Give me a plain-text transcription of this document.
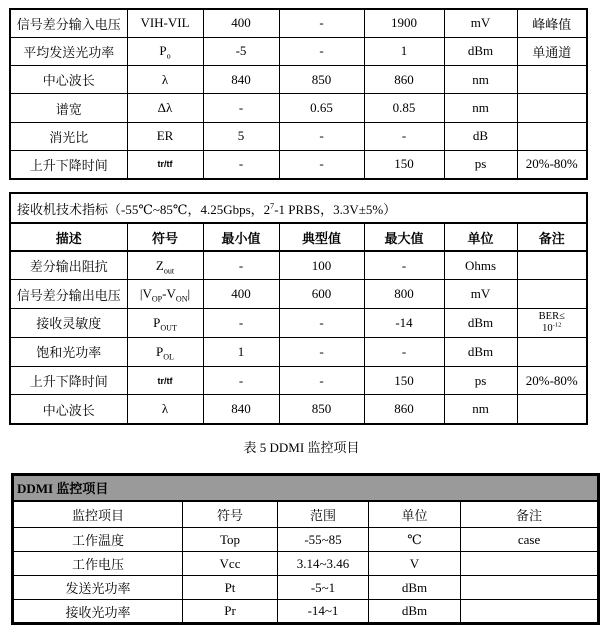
信号差分输入电压	VIH-VIL	400	-	1900	mV	峰峰值
平均发送光功率	$P_o$	-5	-	1	dBm	单通道
中心波长	λ	840	850	860	nm	
谱宽	Δλ	-	0.65	0.85	nm	
消光比	ER	5	-	-	dB	
上升下降时间	tr/tf	-	-	150	ps	20%-80%
接收机技术指标（-55℃~85℃，4.25Gbps，$2^7-1$ PRBS，3.3V±5%）						
描述	符号	最小值	典型值	最大值	单位	备注
差分输出阻抗	$Z_{out}$	-	100	-	Ohms	
信号差分输出电压	$|V_{OP}-V_{ON}|$	400	600	800	mV	
接收灵敏度	$P_{OUT}$	-	-	-14	dBm	BER≤
$10^{-12}$
饱和光功率	$P_{OL}$	1	-	-	dBm	
上升下降时间	tr/tf	-	-	150	ps	20%-80%
中心波长	λ	840	850	860	nm	
表 5 DDMI 监控项目
DDMI 监控项目				
监控项目	符号	范围	单位	备注
工作温度	Top	-55~85	℃	case
工作电压	Vcc	3.14~3.46	V	
发送光功率	Pt	-5~1	dBm	
接收光功率	Pr	-14~1	dBm	
